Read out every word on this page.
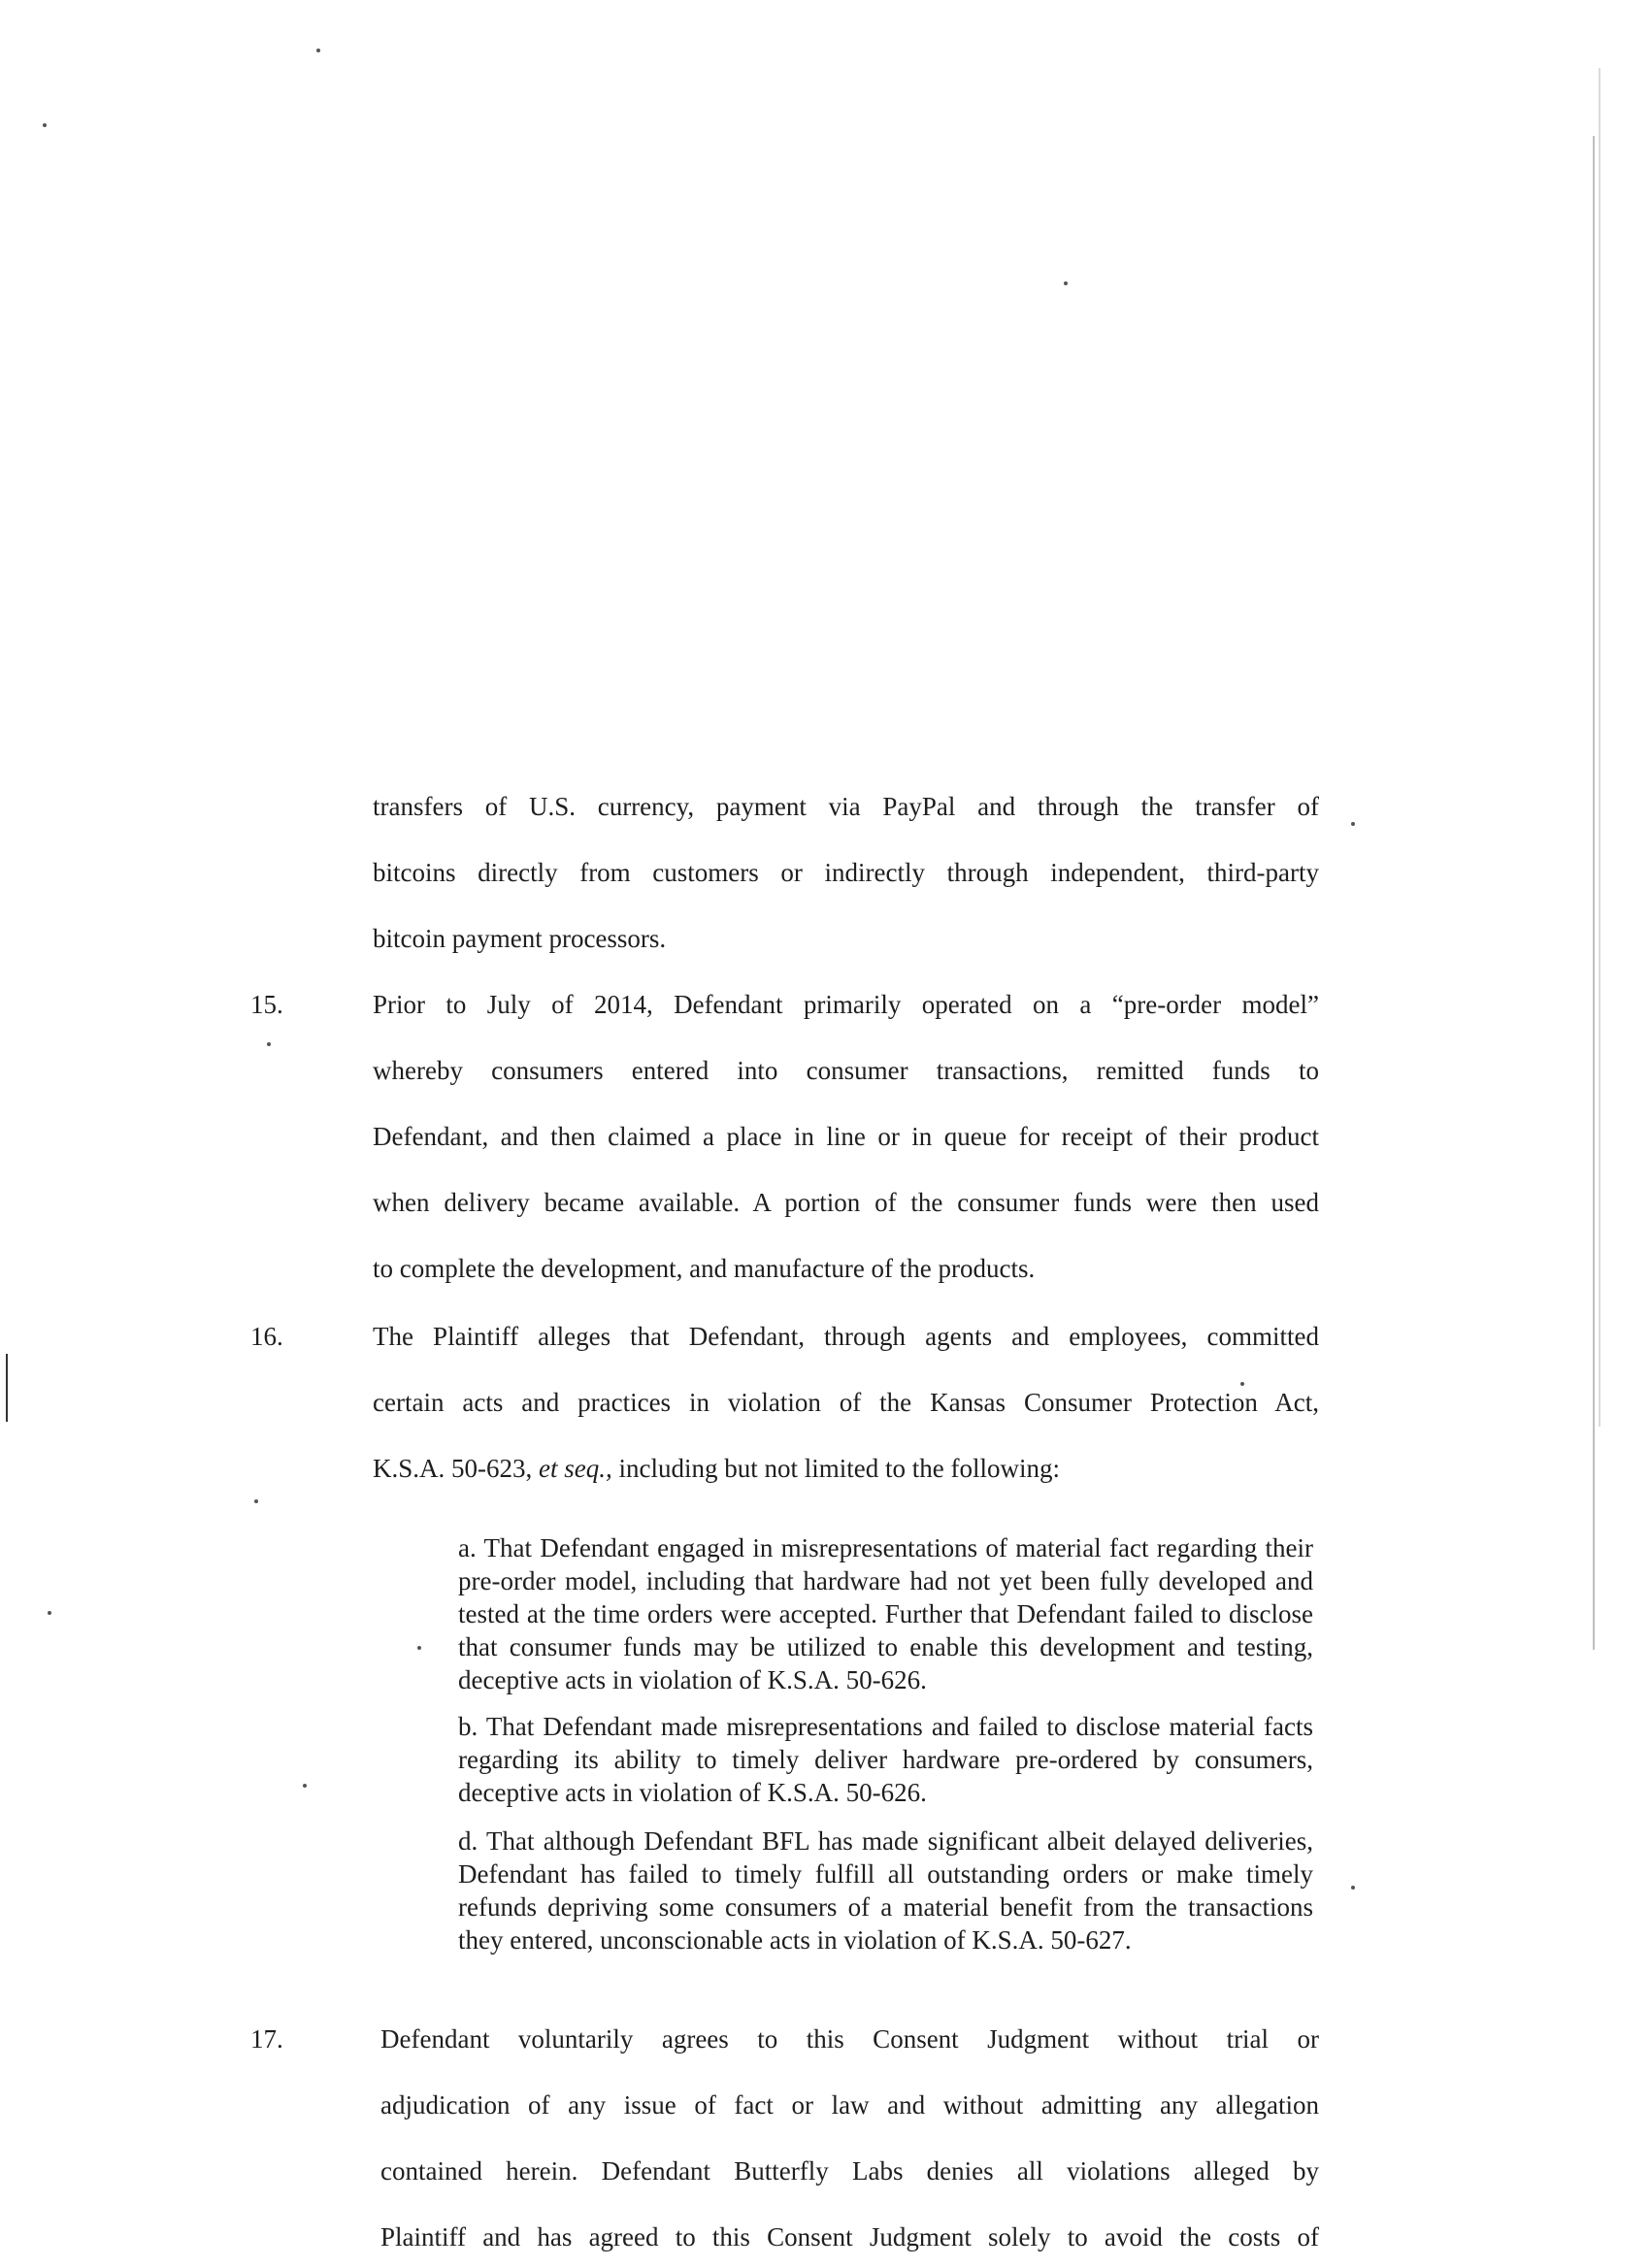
transfers of U.S. currency, payment via PayPal and through the transfer of
bitcoins directly from customers or indirectly through independent, third-party
bitcoin payment processors.
15.	Prior to July of 2014, Defendant primarily operated on a “pre-order model”
whereby consumers entered into consumer transactions, remitted funds to
Defendant, and then claimed a place in line or in queue for receipt of their product
when delivery became available. A portion of the consumer funds were then used
to complete the development, and manufacture of the products.
16.	The Plaintiff alleges that Defendant, through agents and employees, committed
certain acts and practices in violation of the Kansas Consumer Protection Act,
K.S.A. 50-623, et seq., including but not limited to the following:
a. That Defendant engaged in misrepresentations of material fact regarding their pre-order model, including that hardware had not yet been fully developed and tested at the time orders were accepted. Further that Defendant failed to disclose that consumer funds may be utilized to enable this development and testing, deceptive acts in violation of K.S.A. 50-626.
b. That Defendant made misrepresentations and failed to disclose material facts regarding its ability to timely deliver hardware pre-ordered by consumers, deceptive acts in violation of K.S.A. 50-626.
d. That although Defendant BFL has made significant albeit delayed deliveries, Defendant has failed to timely fulfill all outstanding orders or make timely refunds depriving some consumers of a material benefit from the transactions they entered, unconscionable acts in violation of K.S.A. 50-627.
17.	Defendant voluntarily agrees to this Consent Judgment without trial or
adjudication of any issue of fact or law and without admitting any allegation
contained herein. Defendant Butterfly Labs denies all violations alleged by
Plaintiff and has agreed to this Consent Judgment solely to avoid the costs of
